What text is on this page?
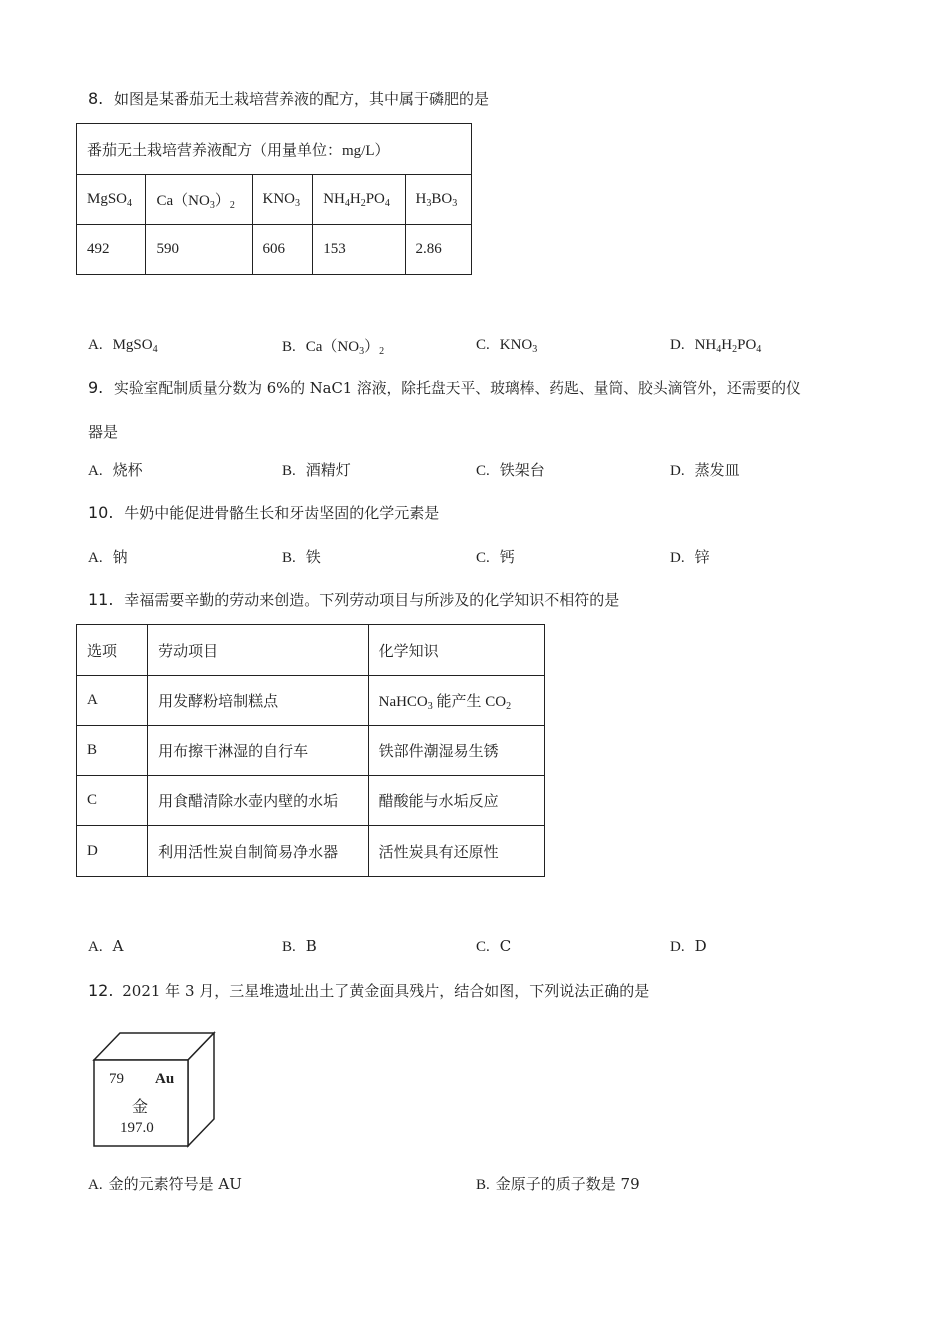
8. 如图是某番茄无土栽培营养液的配方，其中属于磷肥的是
番茄无土栽培营养液配方（用量单位：mg/L）				
MgSO$_4$	$Ca(NO_3)_2$	$KNO_3$	$NH_4H_2PO_4$	$H_3BO_3$
492	590	606	153	2.86
A. MgSO$_4$	B. $Ca(NO_3)_2$	C. $KNO_3$	D. $NH_4H_2PO_4$
9. 实验室配制质量分数为 6%的 NaC1 溶液，除托盘天平、玻璃棒、药匙、量筒、胶头滴管外，还需要的仪
器是
A. 烧杯	B. 酒精灯	C. 铁架台	D. 蒸发皿
10. 牛奶中能促进骨骼生长和牙齿坚固的化学元素是
A. 钠	B. 铁	C. 钙	D. 锌
11. 幸福需要辛勤的劳动来创造。下列劳动项目与所涉及的化学知识不相符的是
选项	劳动项目	化学知识
A	用发酵粉培制糕点	NaHCO$_3$ 能产生 $CO_2$
B	用布擦干淋湿的自行车	铁部件潮湿易生锈
C	用食醋清除水壶内壁的水垢	醋酸能与水垢反应
D	利用活性炭自制简易净水器	活性炭具有还原性
A. A	B. B	C. C	D. D
12. 2021 年 3 月，三星堆遗址出土了黄金面具残片，结合如图，下列说法正确的是
79 Au
金
197.0
A. 金的元素符号是 AU	B. 金原子的质子数是 79
